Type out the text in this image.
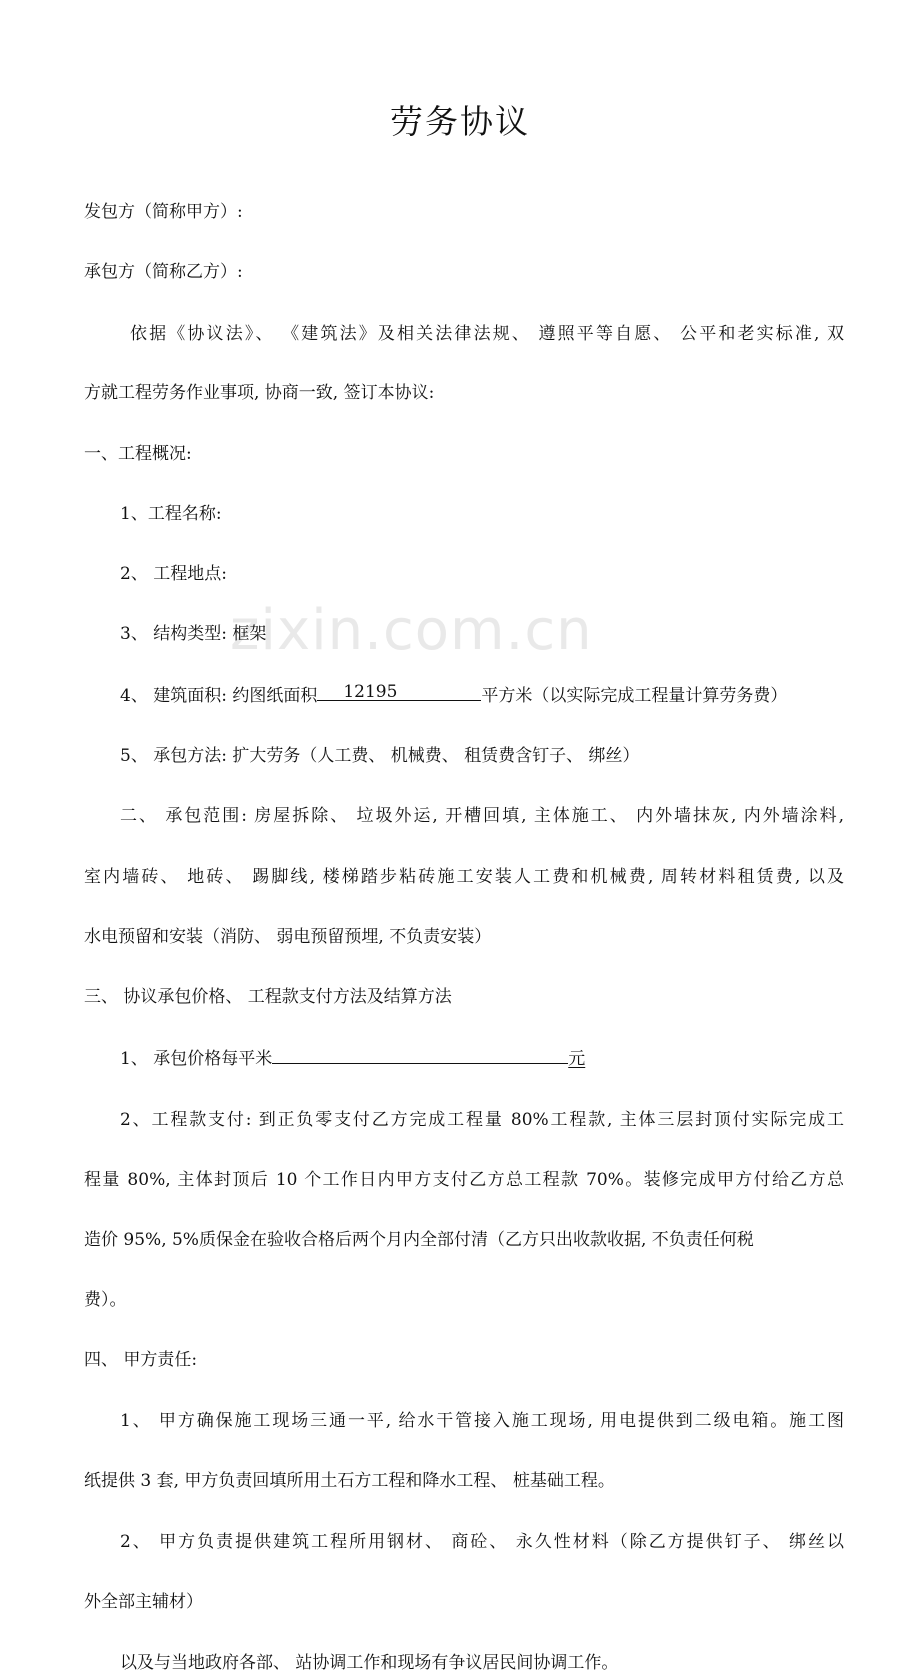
zixin.com.cn
劳务协议
发包方（简称甲方）:
承包方（简称乙方）:
依据《协议法》、 《建筑法》及相关法律法规、 遵照平等自愿、 公平和老实标准, 双
方就工程劳务作业事项, 协商一致, 签订本协议:
一、工程概况:
1、工程名称:
2、 工程地点:
3、 结构类型: 框架
4、 建筑面积: 约图纸面积 12195	平方米（以实际完成工程量计算劳务费）
5、 承包方法: 扩大劳务（人工费、 机械费、 租赁费含钉子、 绑丝）
二、 承包范围: 房屋拆除、 垃圾外运, 开槽回填, 主体施工、 内外墙抹灰, 内外墙涂料,
室内墙砖、 地砖、 踢脚线, 楼梯踏步粘砖施工安装人工费和机械费, 周转材料租赁费, 以及
水电预留和安装（消防、 弱电预留预埋, 不负责安装）
三、 协议承包价格、 工程款支付方法及结算方法
1、 承包价格每平米	元
2、工程款支付: 到正负零支付乙方完成工程量 80%工程款, 主体三层封顶付实际完成工
程量 80%, 主体封顶后 10 个工作日内甲方支付乙方总工程款 70%。装修完成甲方付给乙方总
造价 95%, 5%质保金在验收合格后两个月内全部付清（乙方只出收款收据, 不负责任何税
费）。
四、 甲方责任:
1、 甲方确保施工现场三通一平, 给水干管接入施工现场, 用电提供到二级电箱。施工图
纸提供 3 套, 甲方负责回填所用土石方工程和降水工程、 桩基础工程。
2、 甲方负责提供建筑工程所用钢材、 商砼、 永久性材料（除乙方提供钉子、 绑丝以
外全部主辅材）
以及与当地政府各部、 站协调工作和现场有争议居民间协调工作。
